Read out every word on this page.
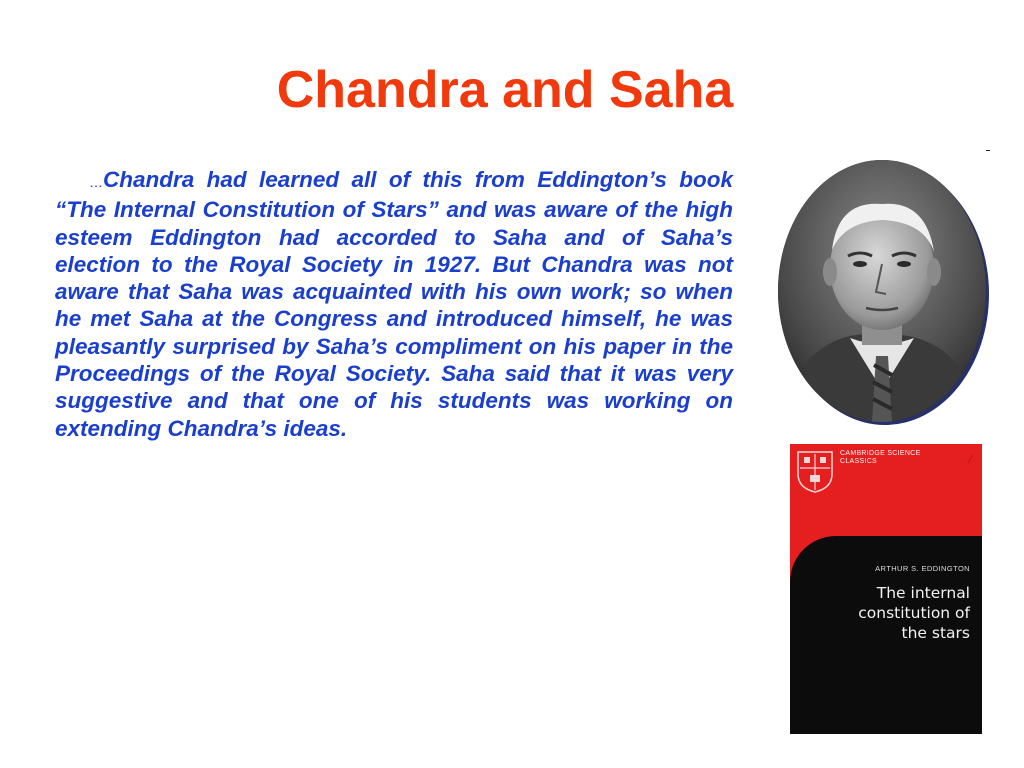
Chandra and Saha
…Chandra had learned all of this from Eddington’s book “The Internal Constitution of Stars” and was aware of the high esteem Eddington had accorded to Saha and of Saha’s election to the Royal Society in 1927. But Chandra was not aware that Saha was acquainted with his own work; so when he met Saha at the Congress and introduced himself, he was pleasantly surprised by Saha’s compliment on his paper in the Proceedings of the Royal Society. Saha said that it was very suggestive and that one of his students was working on extending Chandra’s ideas.
CAMBRIDGE SCIENCE CLASSICS	⁄
ARTHUR S. EDDINGTON
The internal
constitution of
the stars
